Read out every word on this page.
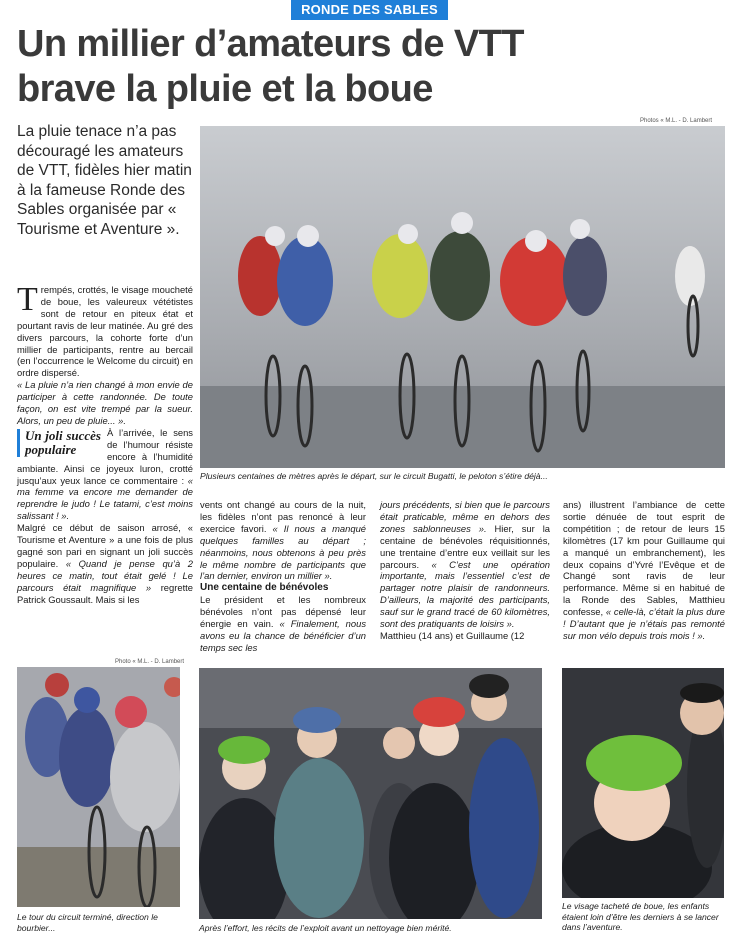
RONDE DES SABLES
Un millier d’amateurs de VTT
brave la pluie et la boue
La pluie tenace n’a pas découragé les amateurs de VTT, fidèles hier matin à la fameuse Ronde des Sables organisée par « Tourisme et Aventure ».
Photos « M.L. - D. Lambert
Plusieurs centaines de mètres après le départ, sur le circuit Bugatti, le peloton s’étire déjà...

Trempés, crottés, le visage moucheté de boue, les valeureux vététistes sont de retour en piteux état et pourtant ravis de leur matinée. Au gré des divers parcours, la cohorte forte d’un millier de participants, rentre au bercail (en l’occurrence le Welcome du circuit) en ordre dispersé.

« La pluie n’a rien changé à mon envie de participer à cette randonnée. De toute façon, on est vite trempé par la sueur. Alors, un peu de pluie... ».

Un joli succès populaire

À l’arrivée, le sens de l’humour résiste encore à l’humidité ambiante. Ainsi ce joyeux luron, crotté jusqu’aux yeux lance ce commentaire : « ma femme va encore me demander de reprendre le judo ! Le tatami, c’est moins salissant ! ».

Malgré ce début de saison arrosé, « Tourisme et Aventure » a une fois de plus gagné son pari en signant un joli succès populaire. « Quand je pense qu’à 2 heures ce matin, tout était gelé ! Le parcours était magnifique » regrette Patrick Goussault. Mais si les

vents ont changé au cours de la nuit, les fidèles n’ont pas renoncé à leur exercice favori. « Il nous a manqué quelques familles au départ ; néanmoins, nous obtenons à peu près le même nombre de participants que l’an dernier, environ un millier ».

Une centaine de bénévoles

Le président et les nombreux bénévoles n’ont pas dépensé leur énergie en vain. « Finalement, nous avons eu la chance de bénéficier d’un temps sec les

jours précédents, si bien que le parcours était praticable, même en dehors des zones sablonneuses ». Hier, sur la centaine de bénévoles réquisitionnés, une trentaine d’entre eux veillait sur les parcours. « C’est une opération importante, mais l’essentiel c’est de partager notre plaisir de randonneurs. D’ailleurs, la majorité des participants, sauf sur le grand tracé de 60 kilomètres, sont des pratiquants de loisirs ».

Matthieu (14 ans) et Guillaume (12

ans) illustrent l’ambiance de cette sortie dénuée de tout esprit de compétition ; de retour de leurs 15 kilomètres (17 km pour Guillaume qui a manqué un embranchement), les deux copains d’Yvré l’Evêque et de Changé sont ravis de leur performance. Même si en habitué de la Ronde des Sables, Matthieu confesse, « celle-là, c’était la plus dure ! D’autant que je n’étais pas remonté sur mon vélo depuis trois mois ! ».

Photo « M.L. - D. Lambert
Le tour du circuit terminé, direction le bourbier...	Après l’effort, les récits de l’exploit avant un nettoyage bien mérité.
Le visage tacheté de boue, les enfants étaient loin d’être les derniers à se lancer dans l’aventure.
